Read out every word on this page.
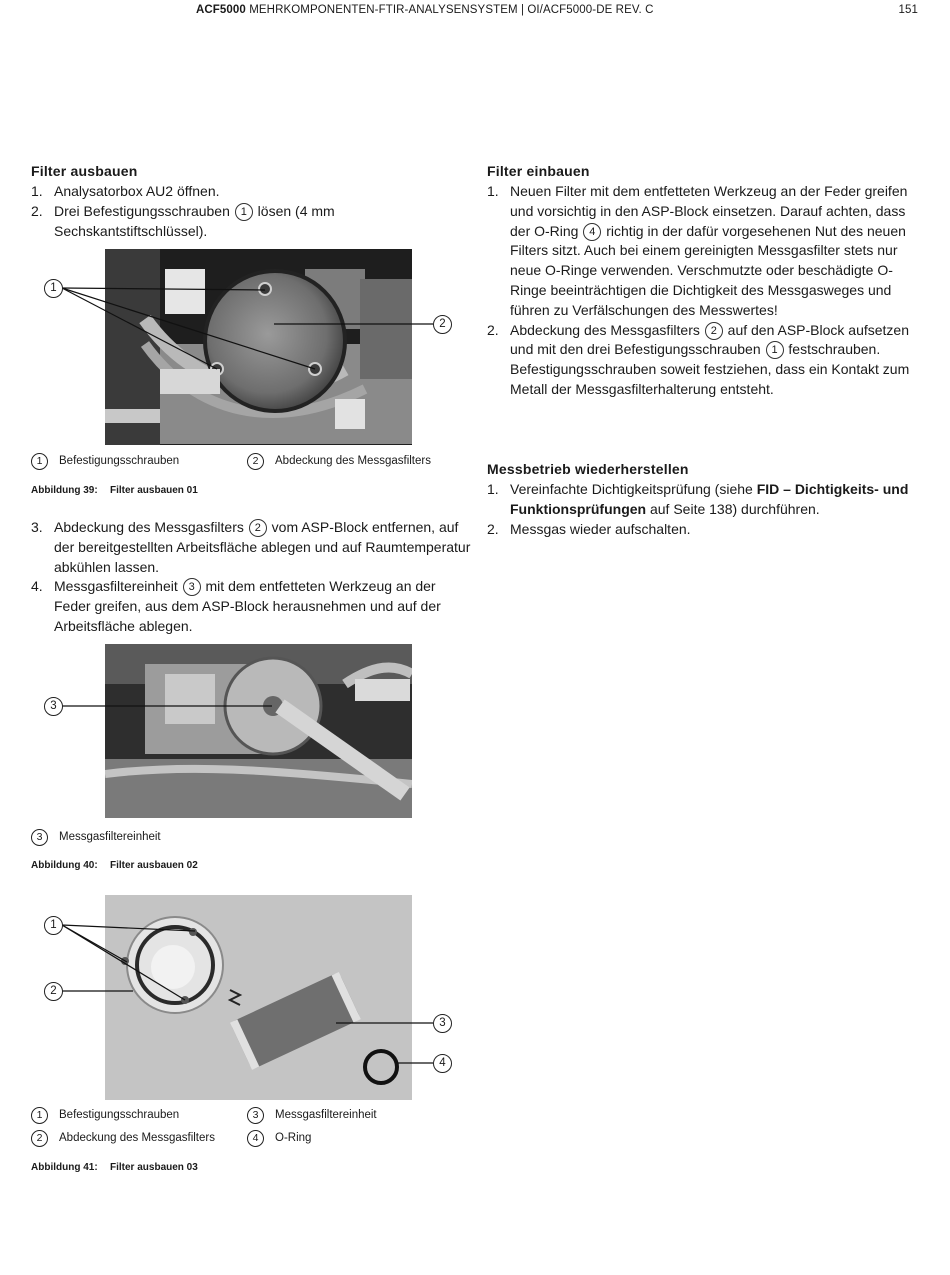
ACF5000 MEHRKOMPONENTEN-FTIR-ANALYSENSYSTEM | OI/ACF5000-DE REV. C	151
Filter ausbauen
1. Analysatorbox AU2 öffnen.
2. Drei Befestigungsschrauben 1 lösen (4 mm Sechskantstiftschlüssel).
1
2
1	Befestigungsschrauben	2	Abdeckung des Messgasfilters
Abbildung 39: Filter ausbauen 01
3. Abdeckung des Messgasfilters 2 vom ASP-Block entfernen, auf der bereitgestellten Arbeitsfläche ablegen und auf Raumtemperatur abkühlen lassen.
4. Messgasfiltereinheit 3 mit dem entfetteten Werkzeug an der Feder greifen, aus dem ASP-Block herausnehmen und auf der Arbeitsfläche ablegen.
3
3	Messgasfiltereinheit
Abbildung 40: Filter ausbauen 02
1
2
3
4
1	Befestigungsschrauben	3	Messgasfiltereinheit
2	Abdeckung des Messgasfilters	4	O-Ring
Abbildung 41: Filter ausbauen 03
Filter einbauen
1. Neuen Filter mit dem entfetteten Werkzeug an der Feder greifen und vorsichtig in den ASP-Block einsetzen. Darauf achten, dass der O-Ring 4 richtig in der dafür vorgesehenen Nut des neuen Filters sitzt. Auch bei einem gereinigten Messgasfilter stets nur neue O-Ringe verwenden. Verschmutzte oder beschädigte O-Ringe beeinträchtigen die Dichtigkeit des Messgasweges und führen zu Verfälschungen des Messwertes!
2. Abdeckung des Messgasfilters 2 auf den ASP-Block aufsetzen und mit den drei Befestigungsschrauben 1 festschrauben. Befestigungsschrauben soweit festziehen, dass ein Kontakt zum Metall der Messgasfilterhalterung entsteht.
Messbetrieb wiederherstellen
1. Vereinfachte Dichtigkeitsprüfung (siehe FID – Dichtigkeits- und Funktionsprüfungen auf Seite 138) durchführen.
2. Messgas wieder aufschalten.
